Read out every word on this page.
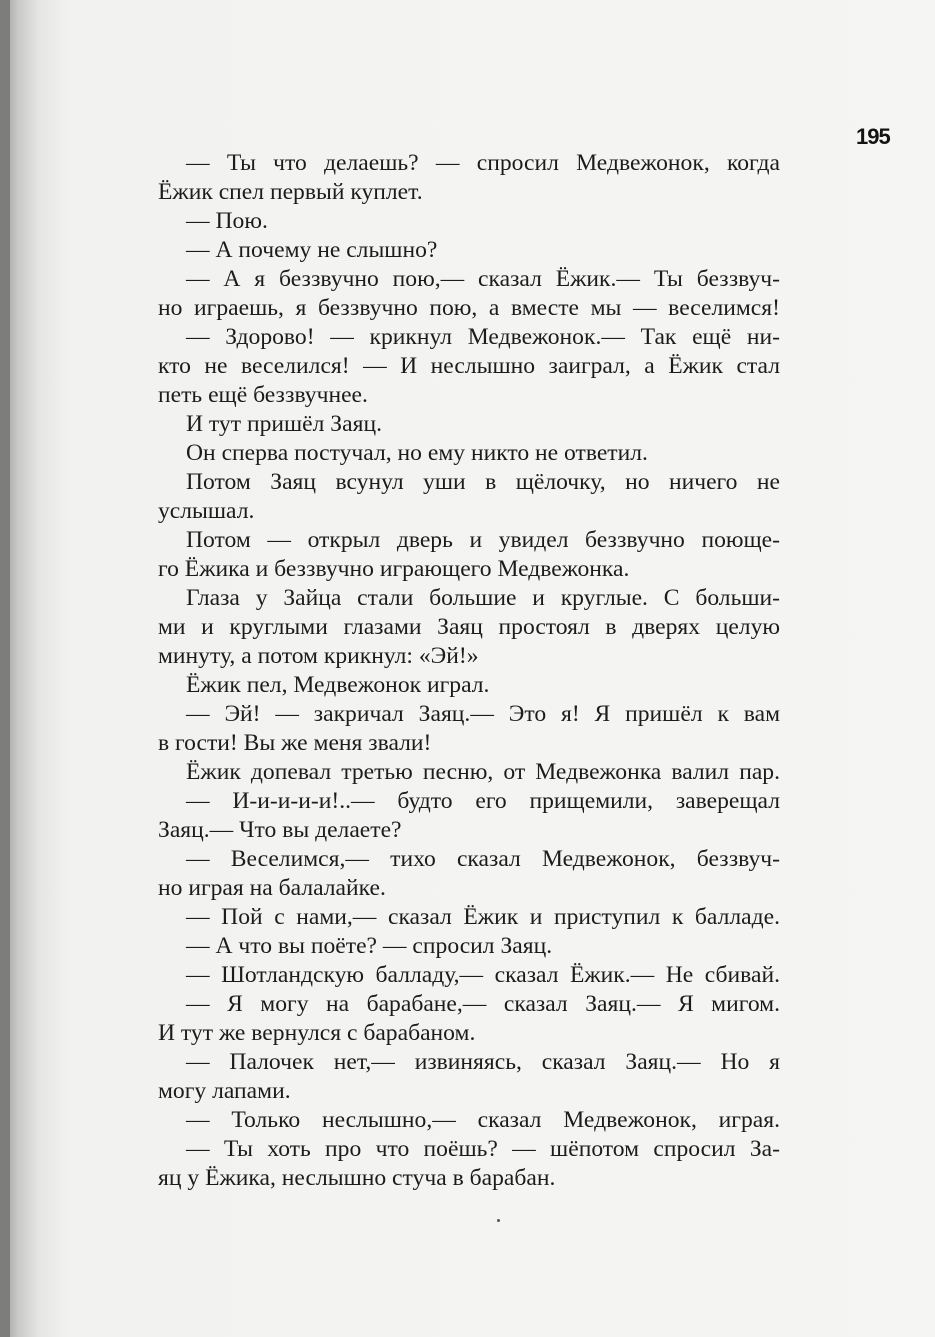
195
— Ты что делаешь? — спросил Медвежонок, когда
Ёжик спел первый куплет.
— Пою.
— А почему не слышно?
— А я беззвучно пою,— сказал Ёжик.— Ты беззвуч-
но играешь, я беззвучно пою, а вместе мы — веселимся!
— Здорово! — крикнул Медвежонок.— Так ещё ни-
кто не веселился! — И неслышно заиграл, а Ёжик стал
петь ещё беззвучнее.
И тут пришёл Заяц.
Он сперва постучал, но ему никто не ответил.
Потом Заяц всунул уши в щёлочку, но ничего не
услышал.
Потом — открыл дверь и увидел беззвучно поюще-
го Ёжика и беззвучно играющего Медвежонка.
Глаза у Зайца стали большие и круглые. С больши-
ми и круглыми глазами Заяц простоял в дверях целую
минуту, а потом крикнул: «Эй!»
Ёжик пел, Медвежонок играл.
— Эй! — закричал Заяц.— Это я! Я пришёл к вам
в гости! Вы же меня звали!
Ёжик допевал третью песню, от Медвежонка валил пар.
— И-и-и-и-и!..— будто его прищемили, заверещал
Заяц.— Что вы делаете?
— Веселимся,— тихо сказал Медвежонок, беззвуч-
но играя на балалайке.
— Пой с нами,— сказал Ёжик и приступил к балладе.
— А что вы поёте? — спросил Заяц.
— Шотландскую балладу,— сказал Ёжик.— Не сбивай.
— Я могу на барабане,— сказал Заяц.— Я мигом.
И тут же вернулся с барабаном.
— Палочек нет,— извиняясь, сказал Заяц.— Но я
могу лапами.
— Только неслышно,— сказал Медвежонок, играя.
— Ты хоть про что поёшь? — шёпотом спросил За-
яц у Ёжика, неслышно стуча в барабан.
